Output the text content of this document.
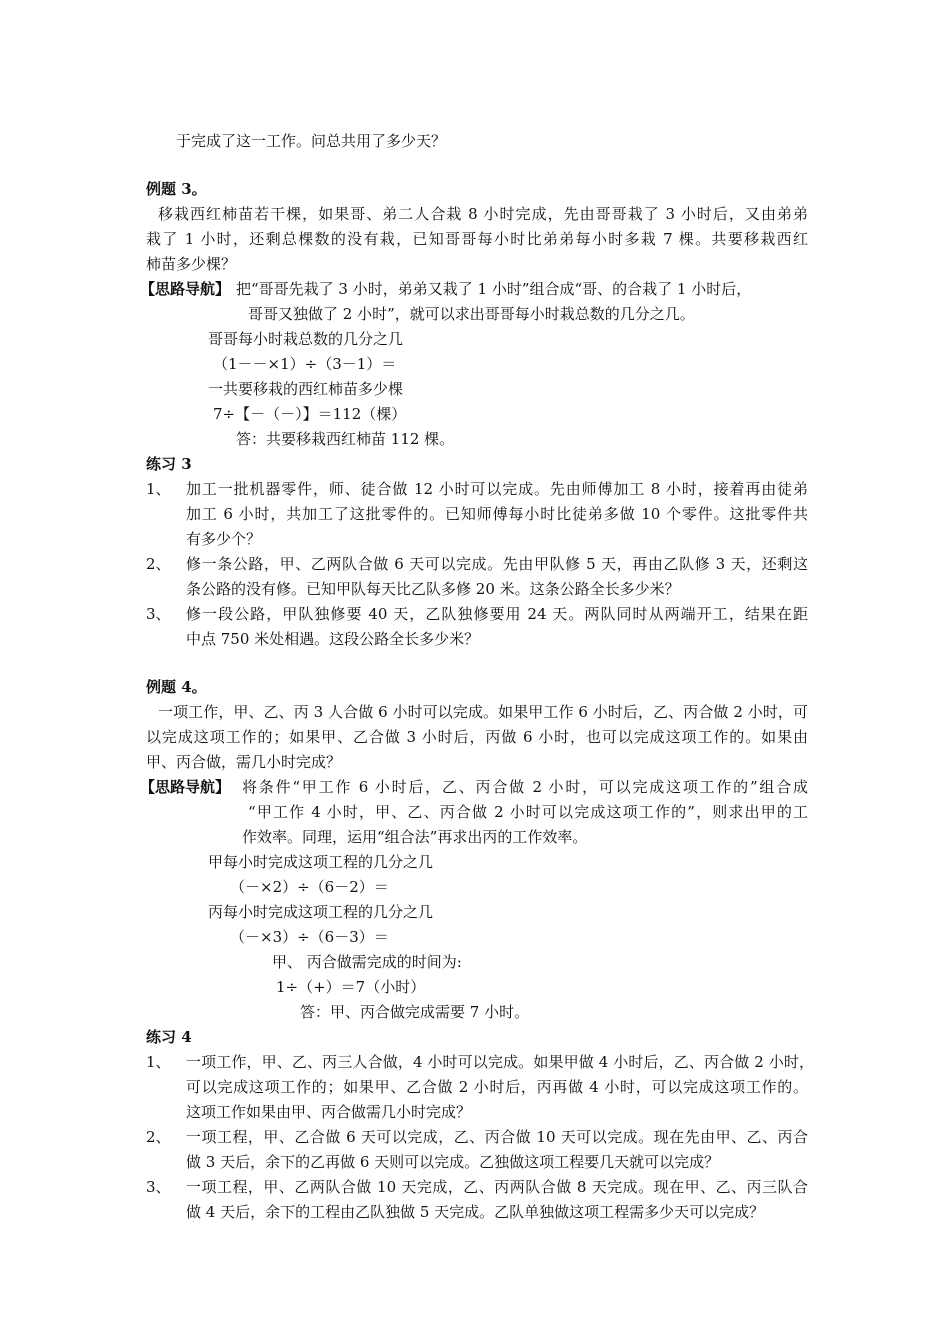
于完成了这一工作。问总共用了多少天？
例题 3。
移栽西红柿苗若干棵，如果哥、弟二人合栽 8 小时完成，先由哥哥栽了 3 小时后，又由弟弟
栽了 1 小时，还剩总棵数的没有栽，已知哥哥每小时比弟弟每小时多栽 7 棵。共要移栽西红
柿苗多少棵？
【思路导航】 把“哥哥先栽了 3 小时，弟弟又栽了 1 小时”组合成“哥、的合栽了 1 小时后，
哥哥又独做了 2 小时”，就可以求出哥哥每小时栽总数的几分之几。
哥哥每小时栽总数的几分之几
（1－－×1）÷（3－1）＝
一共要移栽的西红柿苗多少棵
7÷【－（－）】＝112（棵）
答：共要移栽西红柿苗 112 棵。
练习 3
1、 加工一批机器零件，师、徒合做 12 小时可以完成。先由师傅加工 8 小时，接着再由徒弟
加工 6 小时，共加工了这批零件的。已知师傅每小时比徒弟多做 10 个零件。这批零件共
有多少个？
2、 修一条公路，甲、乙两队合做 6 天可以完成。先由甲队修 5 天，再由乙队修 3 天，还剩这
条公路的没有修。已知甲队每天比乙队多修 20 米。这条公路全长多少米？
3、 修一段公路，甲队独修要 40 天，乙队独修要用 24 天。两队同时从两端开工，结果在距
中点 750 米处相遇。这段公路全长多少米？
例题 4。
一项工作，甲、乙、丙 3 人合做 6 小时可以完成。如果甲工作 6 小时后，乙、丙合做 2 小时，可
以完成这项工作的；如果甲、乙合做 3 小时后，丙做 6 小时，也可以完成这项工作的。如果由
甲、丙合做，需几小时完成？
【思路导航】 将条件“甲工作 6 小时后，乙、丙合做 2 小时，可以完成这项工作的”组合成
“甲工作 4 小时，甲、乙、丙合做 2 小时可以完成这项工作的”，则求出甲的工
作效率。同理，运用“组合法”再求出丙的工作效率。
甲每小时完成这项工程的几分之几
（－×2）÷（6－2）＝
丙每小时完成这项工程的几分之几
（－×3）÷（6－3）＝
甲、 丙合做需完成的时间为:
1÷（+）＝7（小时）
答：甲、丙合做完成需要 7 小时。
练习 4
1、 一项工作，甲、乙、丙三人合做，4 小时可以完成。如果甲做 4 小时后，乙、丙合做 2 小时，
可以完成这项工作的；如果甲、乙合做 2 小时后，丙再做 4 小时，可以完成这项工作的。
这项工作如果由甲、丙合做需几小时完成？
2、 一项工程，甲、乙合做 6 天可以完成，乙、丙合做 10 天可以完成。现在先由甲、乙、丙合
做 3 天后，余下的乙再做 6 天则可以完成。乙独做这项工程要几天就可以完成？
3、 一项工程，甲、乙两队合做 10 天完成，乙、丙两队合做 8 天完成。现在甲、乙、丙三队合
做 4 天后，余下的工程由乙队独做 5 天完成。乙队单独做这项工程需多少天可以完成？
